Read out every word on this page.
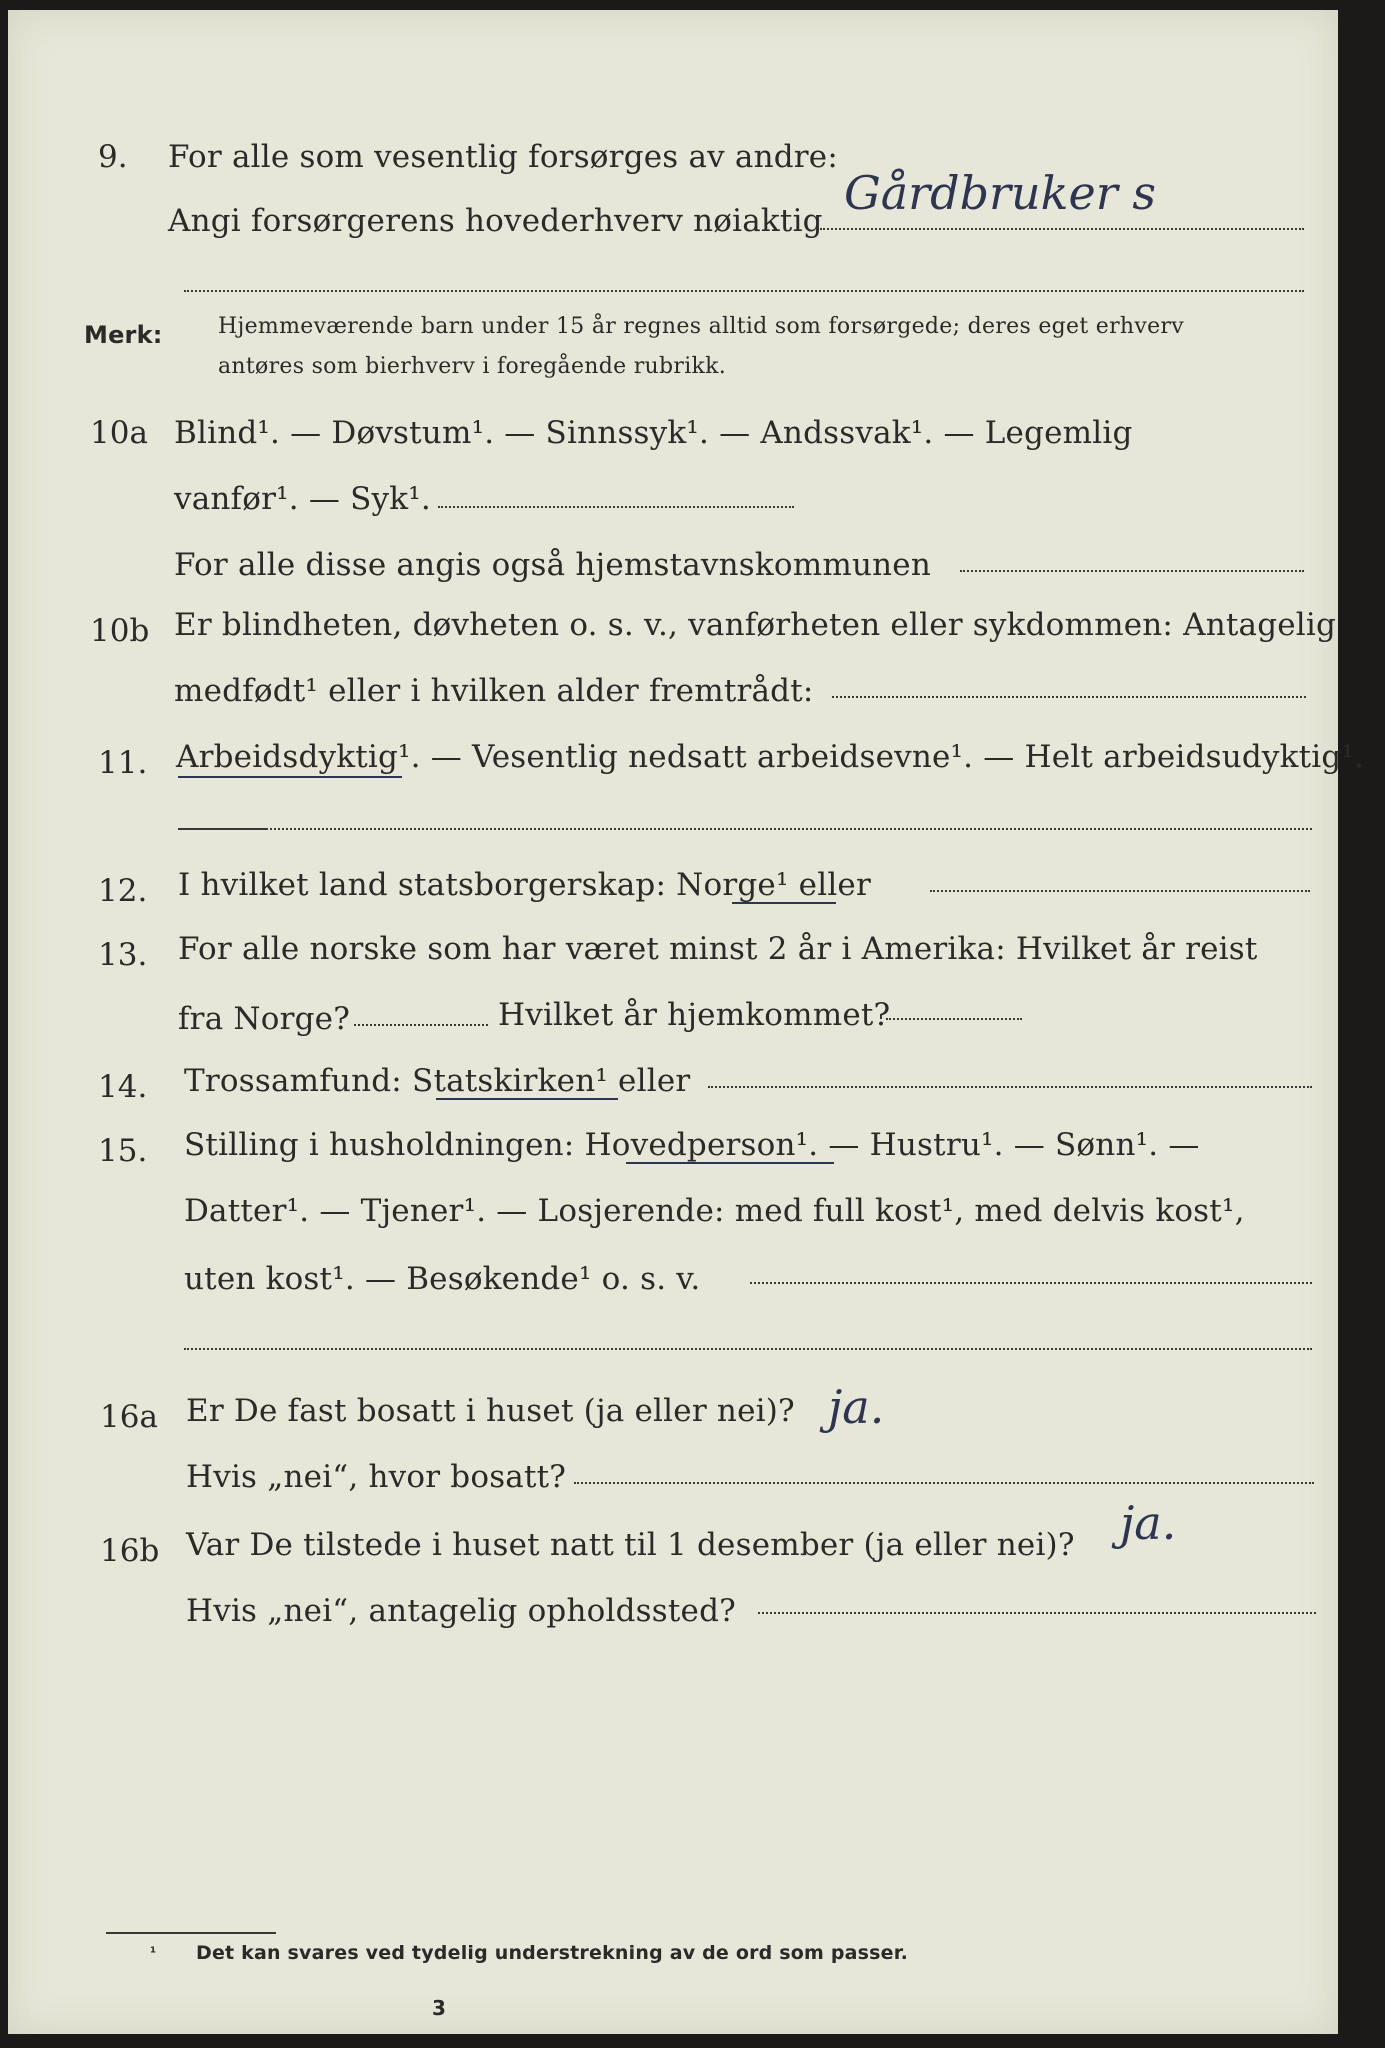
9. For alle som vesentlig forsørges av andre:
Angi forsørgerens hovederhverv nøiaktig
Gårdbruker s
Merk:	Hjemmeværende barn under 15 år regnes alltid som forsørgede; deres eget erhverv
antøres som bierhverv i foregående rubrikk.
10a Blind¹. — Døvstum¹. — Sinnssyk¹. — Andssvak¹. — Legemlig
vanfør¹. — Syk¹.
For alle disse angis også hjemstavnskommunen
10b Er blindheten, døvheten o. s. v., vanførheten eller sykdommen: Antagelig
medfødt¹ eller i hvilken alder fremtrådt:
11. Arbeidsdyktig¹. — Vesentlig nedsatt arbeidsevne¹. — Helt arbeidsudyktig¹.
12. I hvilket land statsborgerskap: Norge¹ eller
13. For alle norske som har været minst 2 år i Amerika: Hvilket år reist
fra Norge?	Hvilket år hjemkommet?
14. Trossamfund: Statskirken¹ eller
15. Stilling i husholdningen: Hovedperson¹. — Hustru¹. — Sønn¹. —
Datter¹. — Tjener¹. — Losjerende: med full kost¹, med delvis kost¹,
uten kost¹. — Besøkende¹ o. s. v.
16a Er De fast bosatt i huset (ja eller nei)? ja.
Hvis „nei“, hvor bosatt?
16b Var De tilstede i huset natt til 1 desember (ja eller nei)? ja.
Hvis „nei“, antagelig opholdssted?
¹ Det kan svares ved tydelig understrekning av de ord som passer.
3
